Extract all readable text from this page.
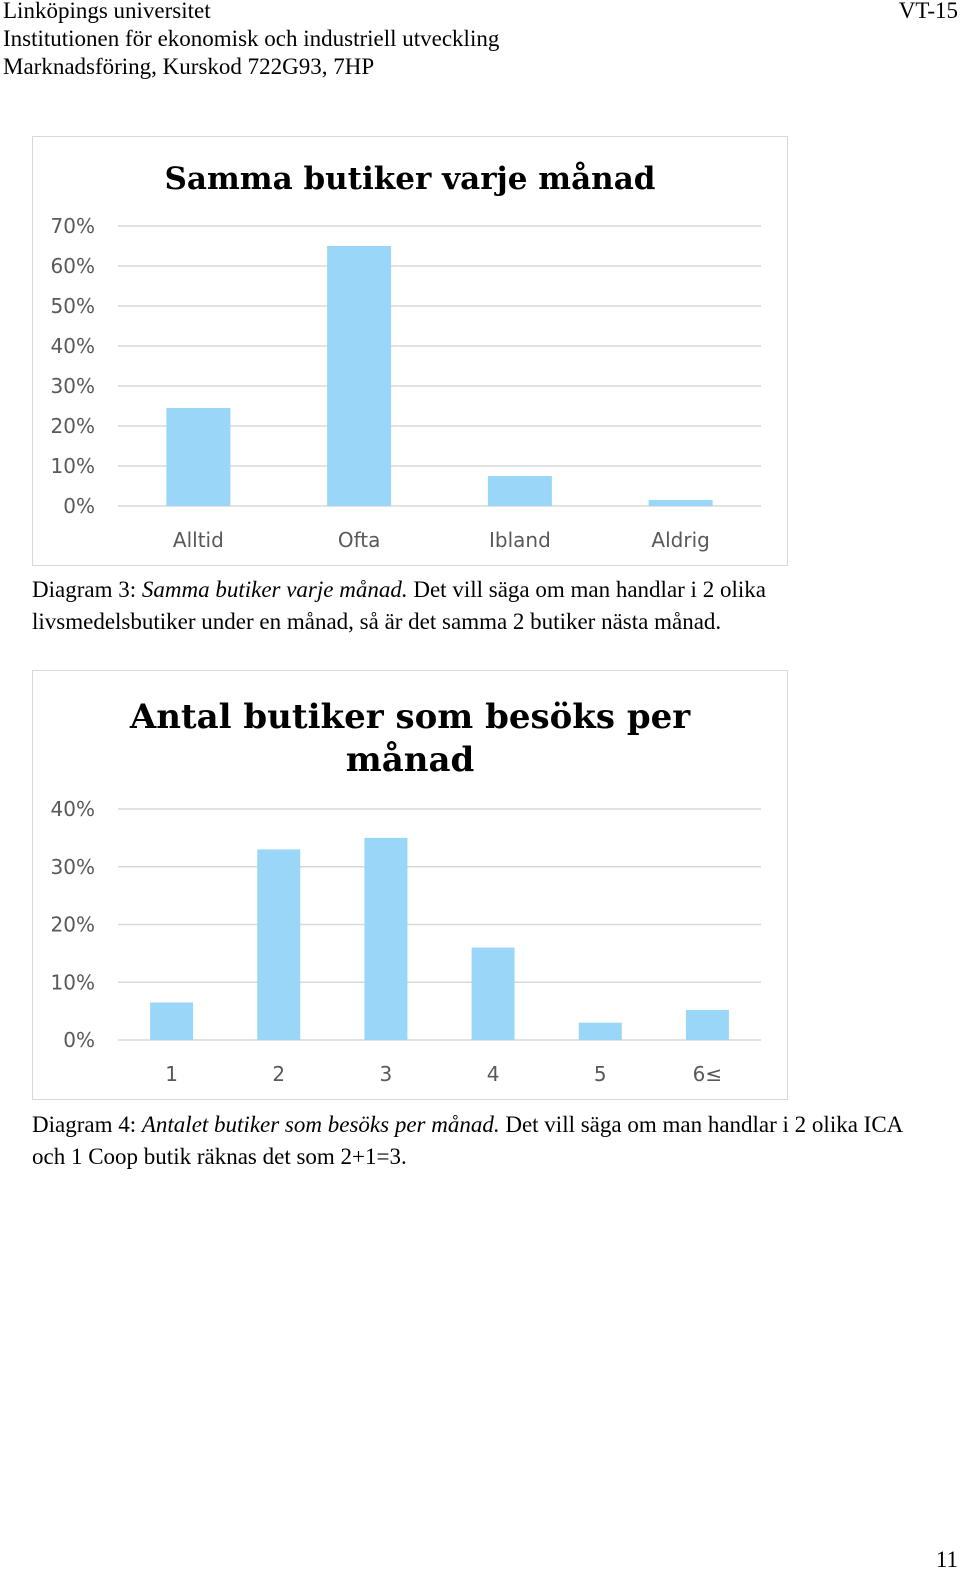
Linköpings universitet
Institutionen för ekonomisk och industriell utveckling
Marknadsföring, Kurskod 722G93, 7HP
VT-15
Samma butiker varje månad
0%
10%
20%
30%
40%
50%
60%
70%
Alltid	Ofta	Ibland	Aldrig
Diagram 3: Samma butiker varje månad. Det vill säga om man handlar i 2 olika livsmedelsbutiker under en månad, så är det samma 2 butiker nästa månad.
Antal butiker som besöks per månad
0%
10%
20%
30%
40%
1	2	3	4	5	6≤
Diagram 4: Antalet butiker som besöks per månad. Det vill säga om man handlar i 2 olika ICA och 1 Coop butik räknas det som 2+1=3.
11
